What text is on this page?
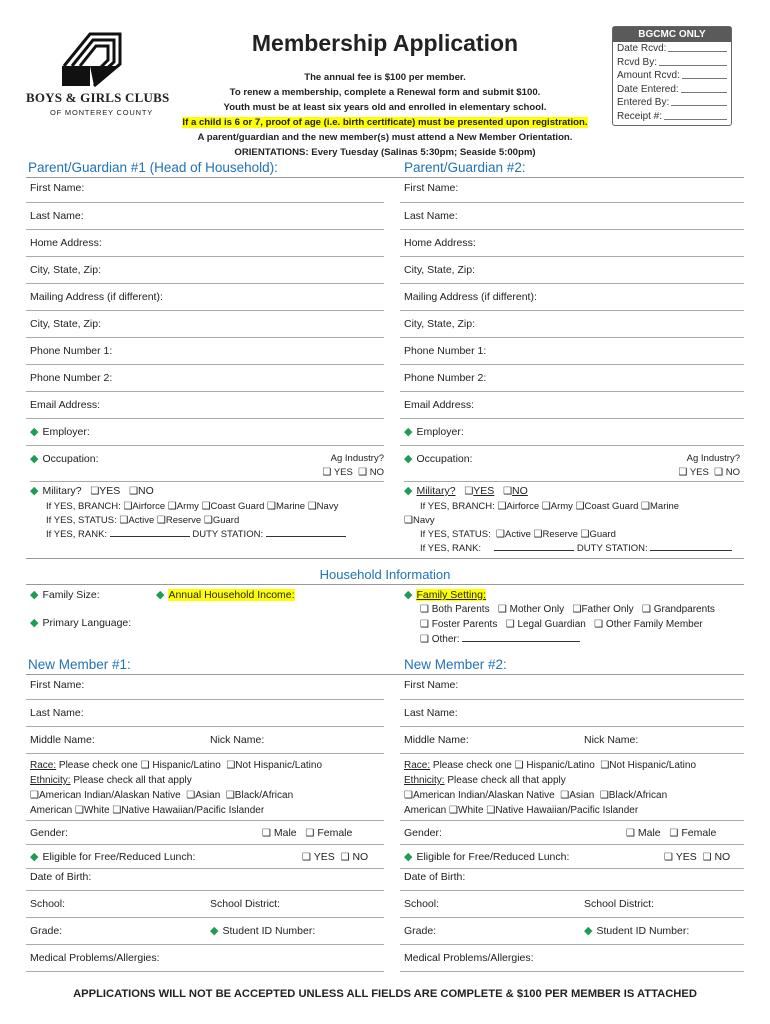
BOYS & GIRLS CLUBS
OF MONTEREY COUNTY
Membership Application
The annual fee is $100 per member.
To renew a membership, complete a Renewal form and submit $100.
Youth must be at least six years old and enrolled in elementary school.
If a child is 6 or 7, proof of age (i.e. birth certificate) must be presented upon registration.
A parent/guardian and the new member(s) must attend a New Member Orientation.
ORIENTATIONS: Every Tuesday (Salinas 5:30pm; Seaside 5:00pm)
BGCMC ONLY
Date Rcvd:
Rcvd By:
Amount Rcvd:
Date Entered:
Entered By:
Receipt #:
Parent/Guardian #1 (Head of Household):	Parent/Guardian #2:
First Name:
Last Name:
Home Address:
City, State, Zip:
Mailing Address (if different):
City, State, Zip:
Phone Number 1:
Phone Number 2:
Email Address:
◆ Employer:
First Name:
Last Name:
Home Address:
City, State, Zip:
Mailing Address (if different):
City, State, Zip:
Phone Number 1:
Phone Number 2:
Email Address:
◆ Employer:
◆ Occupation:	Ag Industry?
❑ YES ❑ NO
◆ Occupation:	Ag Industry?
❑ YES ❑ NO
◆ Military? ❑YES ❑NO
If YES, BRANCH: ❑Airforce ❑Army ❑Coast Guard ❑Marine ❑Navy
If YES, STATUS: ❑Active ❑Reserve ❑Guard
If YES, RANK:	DUTY STATION:
◆ Military? ❑YES ❑NO
If YES, BRANCH: ❑Airforce ❑Army ❑Coast Guard ❑Marine
❑Navy
If YES, STATUS: ❑Active ❑Reserve ❑Guard
If YES, RANK:	DUTY STATION:
Household Information
◆ Family Size:	◆ Annual Household Income:
◆ Primary Language:
◆ Family Setting:
❑ Both Parents ❑ Mother Only ❑Father Only ❑ Grandparents
❑ Foster Parents ❑ Legal Guardian ❑ Other Family Member
❑ Other:
New Member #1:	New Member #2:
First Name:
Last Name:
Middle Name:	Nick Name:
Race: Please check one ❑ Hispanic/Latino ❑Not Hispanic/Latino
Ethnicity: Please check all that apply
❑American Indian/Alaskan Native ❑Asian ❑Black/African
American ❑White ❑Native Hawaiian/Pacific Islander
Gender:	❑ Male ❑ Female
◆ Eligible for Free/Reduced Lunch:	❑ YES ❑ NO
Date of Birth:
School:	School District:
Grade:	◆ Student ID Number:
Medical Problems/Allergies:
First Name:
Last Name:
Middle Name:	Nick Name:
Race: Please check one ❑ Hispanic/Latino ❑Not Hispanic/Latino
Ethnicity: Please check all that apply
❑American Indian/Alaskan Native ❑Asian ❑Black/African
American ❑White ❑Native Hawaiian/Pacific Islander
Gender:	❑ Male ❑ Female
◆ Eligible for Free/Reduced Lunch:	❑ YES ❑ NO
Date of Birth:
School:	School District:
Grade:	◆ Student ID Number:
Medical Problems/Allergies:
APPLICATIONS WILL NOT BE ACCEPTED UNLESS ALL FIELDS ARE COMPLETE & $100 PER MEMBER IS ATTACHED
